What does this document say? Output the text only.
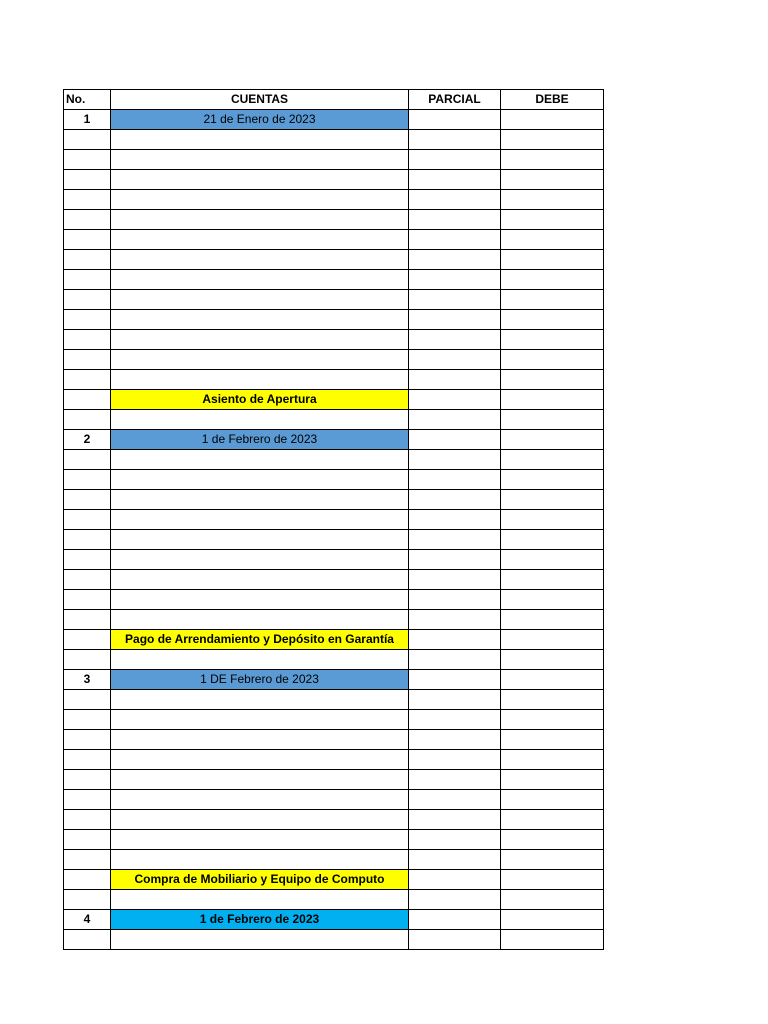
No.	CUENTAS	PARCIAL	DEBE
1	21 de Enero de 2023		

	Asiento de Apertura		

2	1 de Febrero de 2023		

	Pago de Arrendamiento y Depósito en Garantía		

3	1 DE Febrero de 2023		

	Compra de Mobiliario y Equipo de Computo		

4	1 de Febrero de 2023		
